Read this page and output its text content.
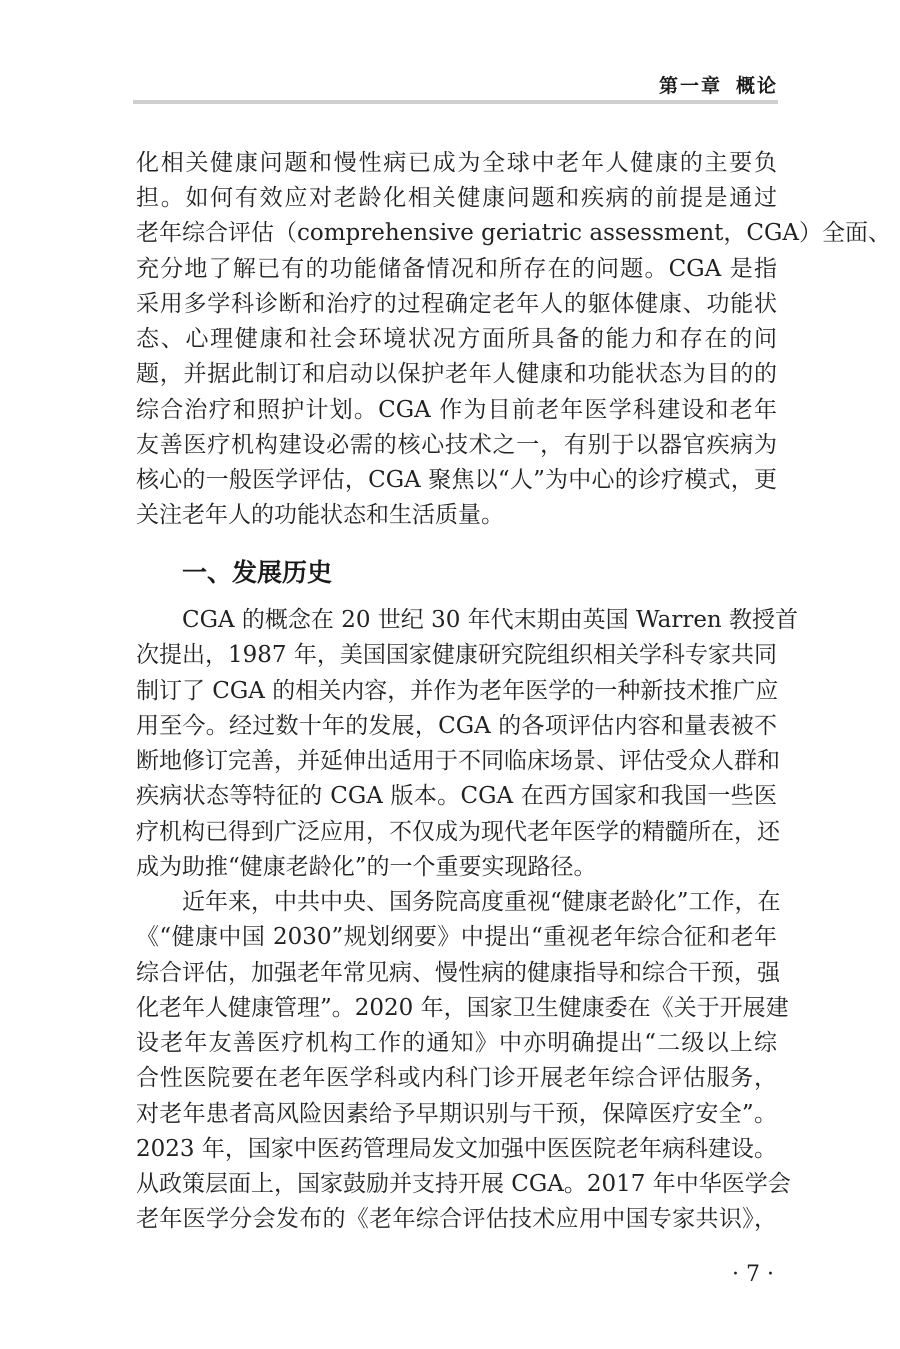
第一章 概论
化相关健康问题和慢性病已成为全球中老年人健康的主要负
担。如何有效应对老龄化相关健康问题和疾病的前提是通过
老年综合评估（comprehensive geriatric assessment，CGA）全面、
充分地了解已有的功能储备情况和所存在的问题。CGA 是指
采用多学科诊断和治疗的过程确定老年人的躯体健康、功能状
态、心理健康和社会环境状况方面所具备的能力和存在的问
题，并据此制订和启动以保护老年人健康和功能状态为目的的
综合治疗和照护计划。CGA 作为目前老年医学科建设和老年
友善医疗机构建设必需的核心技术之一，有别于以器官疾病为
核心的一般医学评估，CGA 聚焦以“人”为中心的诊疗模式，更
关注老年人的功能状态和生活质量。
一、发展历史
CGA 的概念在 20 世纪 30 年代末期由英国 Warren 教授首
次提出，1987 年，美国国家健康研究院组织相关学科专家共同
制订了 CGA 的相关内容，并作为老年医学的一种新技术推广应
用至今。经过数十年的发展，CGA 的各项评估内容和量表被不
断地修订完善，并延伸出适用于不同临床场景、评估受众人群和
疾病状态等特征的 CGA 版本。CGA 在西方国家和我国一些医
疗机构已得到广泛应用，不仅成为现代老年医学的精髓所在，还
成为助推“健康老龄化”的一个重要实现路径。
近年来，中共中央、国务院高度重视“健康老龄化”工作，在
《“健康中国 2030”规划纲要》中提出“重视老年综合征和老年
综合评估，加强老年常见病、慢性病的健康指导和综合干预，强
化老年人健康管理”。2020 年，国家卫生健康委在《关于开展建
设老年友善医疗机构工作的通知》中亦明确提出“二级以上综
合性医院要在老年医学科或内科门诊开展老年综合评估服务，
对老年患者高风险因素给予早期识别与干预，保障医疗安全”。
2023 年，国家中医药管理局发文加强中医医院老年病科建设。
从政策层面上，国家鼓励并支持开展 CGA。2017 年中华医学会
老年医学分会发布的《老年综合评估技术应用中国专家共识》，
· 7 ·
